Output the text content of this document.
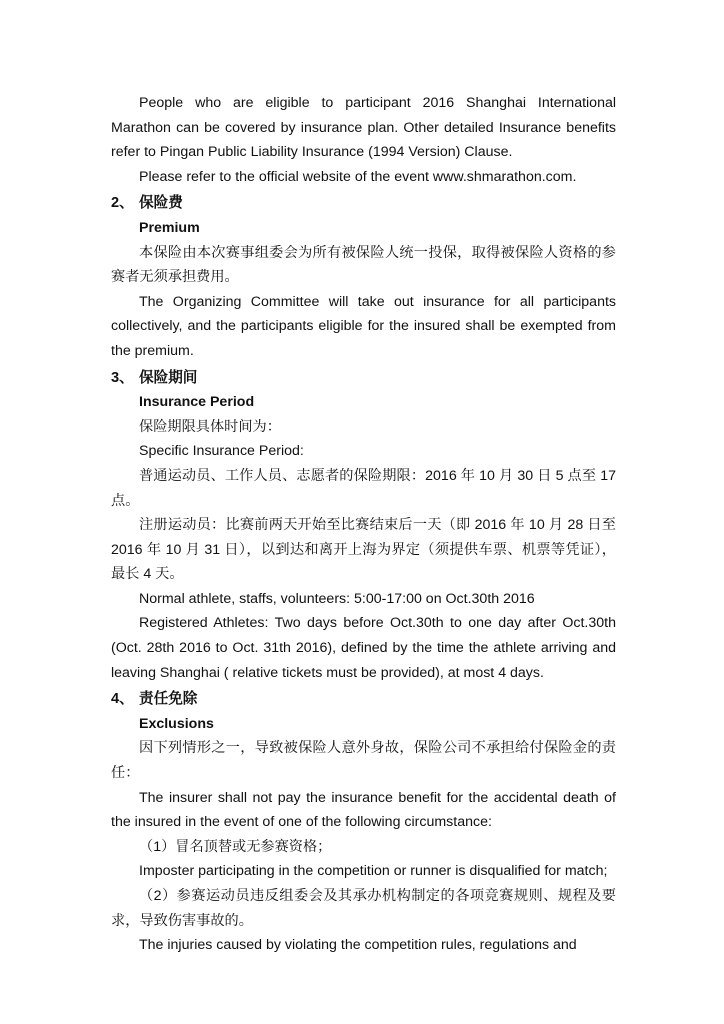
People who are eligible to participant 2016 Shanghai International Marathon can be covered by insurance plan. Other detailed Insurance benefits refer to Pingan Public Liability Insurance (1994 Version) Clause.

Please refer to the official website of the event www.shmarathon.com.

2、 保险费

Premium

本保险由本次赛事组委会为所有被保险人统一投保，取得被保险人资格的参赛者无须承担费用。

The Organizing Committee will take out insurance for all participants collectively, and the participants eligible for the insured shall be exempted from the premium.

3、 保险期间

Insurance Period

保险期限具体时间为：

Specific Insurance Period:

普通运动员、工作人员、志愿者的保险期限：2016 年 10 月 30 日 5 点至 17 点。

注册运动员：比赛前两天开始至比赛结束后一天（即 2016 年 10 月 28 日至 2016 年 10 月 31 日），以到达和离开上海为界定（须提供车票、机票等凭证），最长 4 天。

Normal athlete, staffs, volunteers: 5:00-17:00 on Oct.30th 2016

Registered Athletes: Two days before Oct.30th to one day after Oct.30th (Oct. 28th 2016 to Oct. 31th 2016), defined by the time the athlete arriving and leaving Shanghai ( relative tickets must be provided), at most 4 days.

4、 责任免除

Exclusions

因下列情形之一，导致被保险人意外身故，保险公司不承担给付保险金的责任：

The insurer shall not pay the insurance benefit for the accidental death of the insured in the event of one of the following circumstance:

（1）冒名顶替或无参赛资格；

Imposter participating in the competition or runner is disqualified for match;

（2）参赛运动员违反组委会及其承办机构制定的各项竞赛规则、规程及要求，导致伤害事故的。

The injuries caused by violating the competition rules, regulations and
